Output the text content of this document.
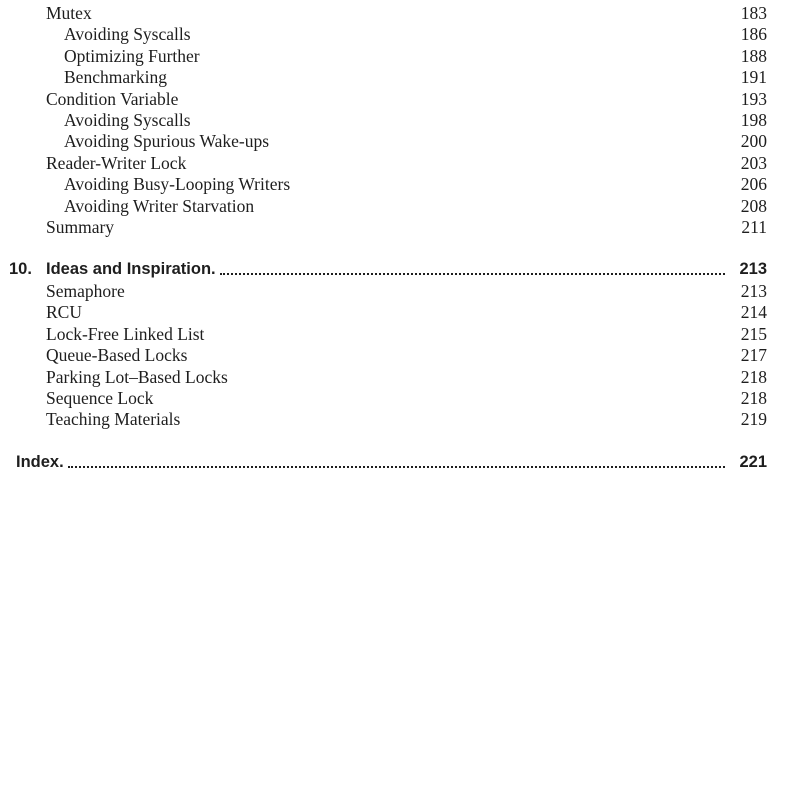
Mutex	183
Avoiding Syscalls	186
Optimizing Further	188
Benchmarking	191
Condition Variable	193
Avoiding Syscalls	198
Avoiding Spurious Wake-ups	200
Reader-Writer Lock	203
Avoiding Busy-Looping Writers	206
Avoiding Writer Starvation	208
Summary	211
10. Ideas and Inspiration.	213
Semaphore	213
RCU	214
Lock-Free Linked List	215
Queue-Based Locks	217
Parking Lot–Based Locks	218
Sequence Lock	218
Teaching Materials	219
Index.	221
